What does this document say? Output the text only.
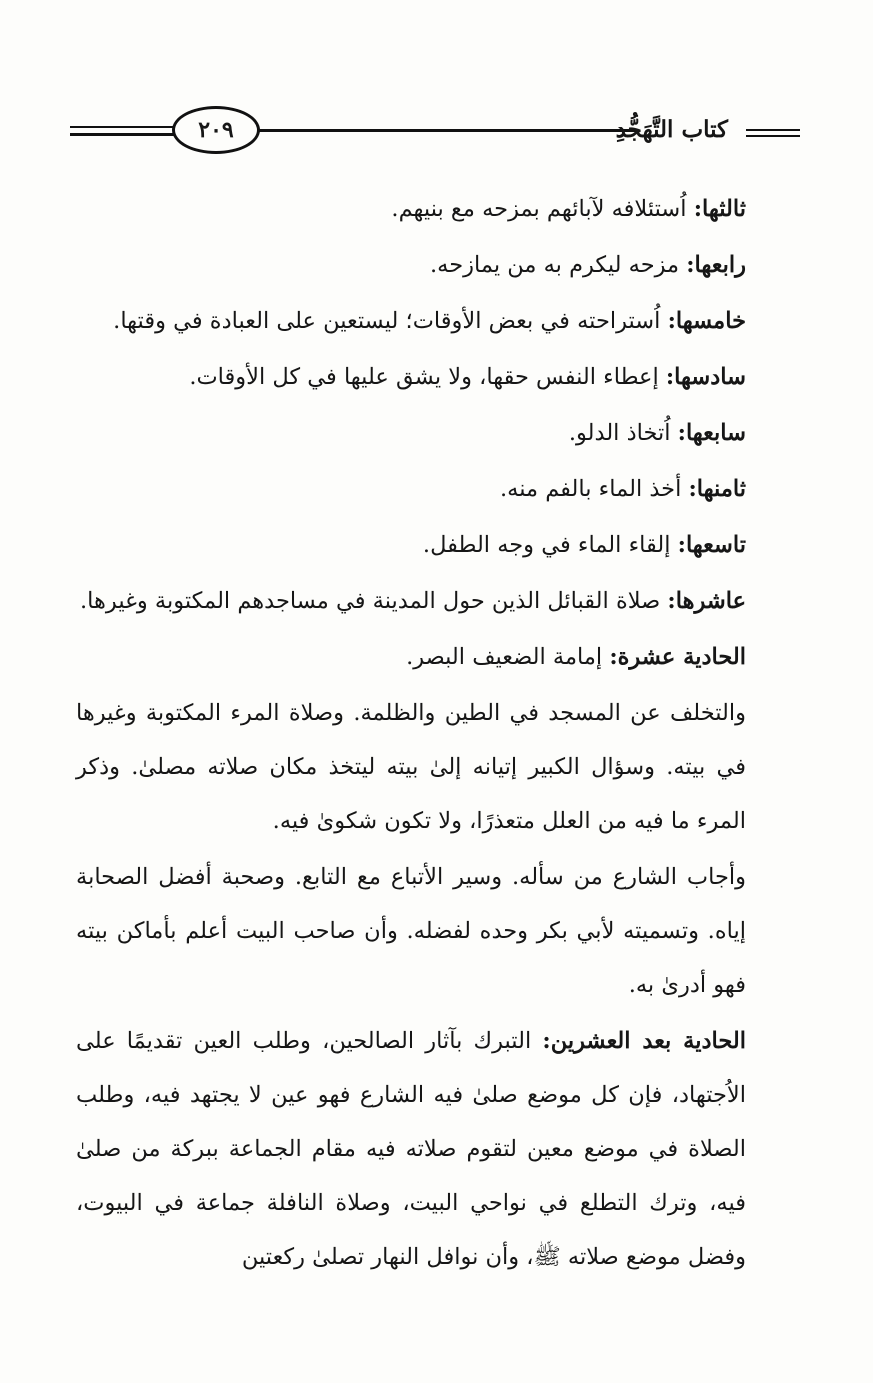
٢٠٩	كتاب التَّهَجُّدِ

ثالثها: اُستئلافه لآبائهم بمزحه مع بنيهم.

رابعها: مزحه ليكرم به من يمازحه.

خامسها: اُستراحته في بعض الأوقات؛ ليستعين على العبادة في وقتها.

سادسها: إعطاء النفس حقها، ولا يشق عليها في كل الأوقات.

سابعها: اُتخاذ الدلو.

ثامنها: أخذ الماء بالفم منه.

تاسعها: إلقاء الماء في وجه الطفل.

عاشرها: صلاة القبائل الذين حول المدينة في مساجدهم المكتوبة وغيرها.

الحادية عشرة: إمامة الضعيف البصر.

والتخلف عن المسجد في الطين والظلمة. وصلاة المرء المكتوبة وغيرها في بيته. وسؤال الكبير إتيانه إلىٰ بيته ليتخذ مكان صلاته مصلىٰ. وذكر المرء ما فيه من العلل متعذرًا، ولا تكون شكوىٰ فيه.

وأجاب الشارع من سأله. وسير الأتباع مع التابع. وصحبة أفضل الصحابة إياه. وتسميته لأبي بكر وحده لفضله. وأن صاحب البيت أعلم بأماكن بيته فهو أدرىٰ به.

الحادية بعد العشرين: التبرك بآثار الصالحين، وطلب العين تقديمًا على الاُجتهاد، فإن كل موضع صلىٰ فيه الشارع فهو عين لا يجتهد فيه، وطلب الصلاة في موضع معين لتقوم صلاته فيه مقام الجماعة ببركة من صلىٰ فيه، وترك التطلع في نواحي البيت، وصلاة النافلة جماعة في البيوت، وفضل موضع صلاته ﷺ، وأن نوافل النهار تصلىٰ ركعتين
